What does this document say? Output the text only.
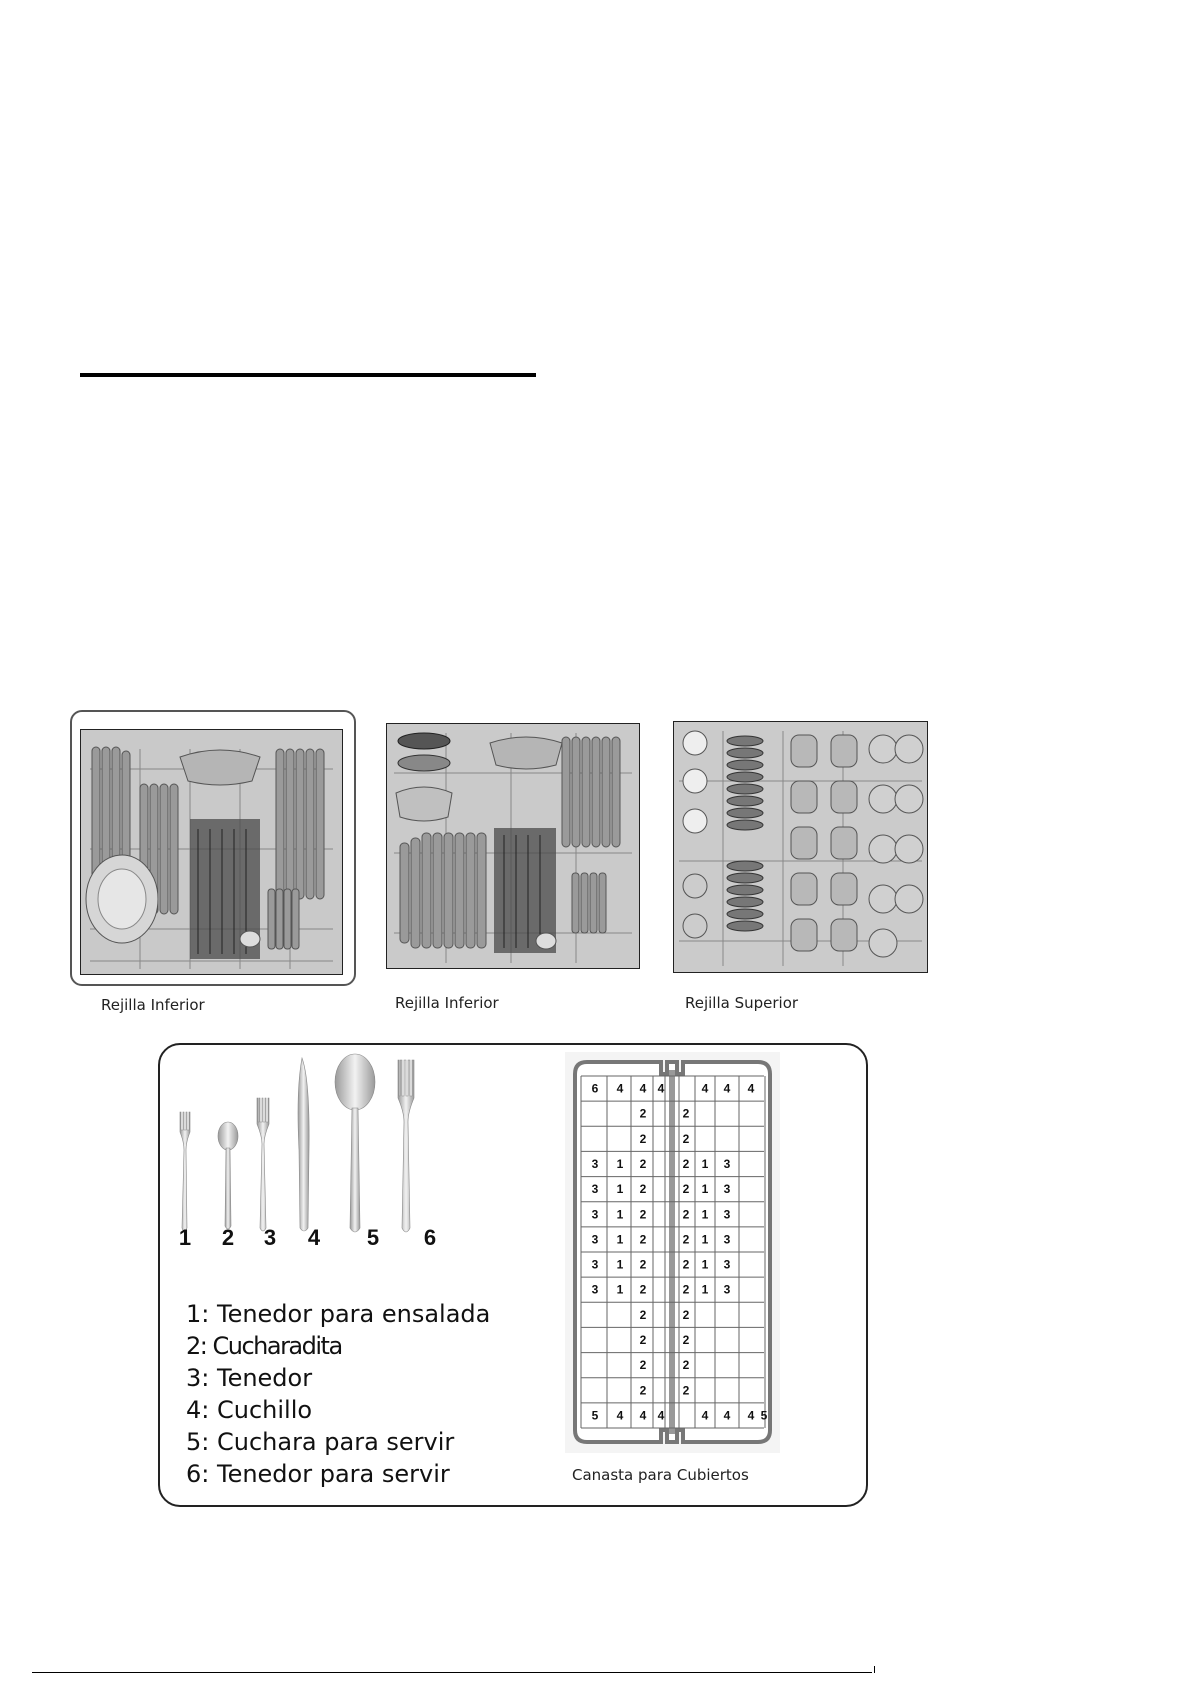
Rejilla Inferior	Rejilla Inferior	Rejilla Superior
1 2 3 4 5 6
1: Tenedor para ensalada
2: Cucharadita
3: Tenedor
4: Cuchillo
5: Cuchara para servir
6: Tenedor para servir
6 4 4 4	4 4 4
2	2
2	2
3 1 2	2 1 3
3 1 2	2 1 3
3 1 2	2 1 3
3 1 2	2 1 3
3 1 2	2 1 3
3 1 2	2 1 3
2	2
2	2
2	2
2	2
5 4 4 4	4 4 4 5
Canasta para Cubiertos
